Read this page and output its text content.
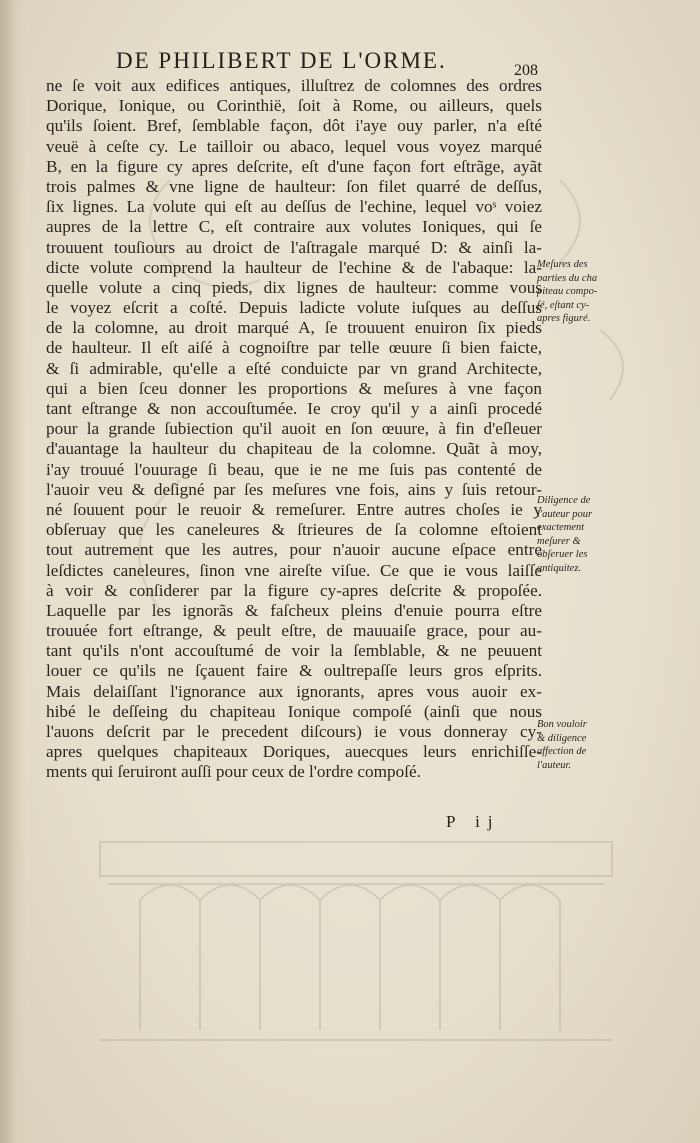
DE PHILIBERT DE L'ORME.	208
ne ſe voit aux edifices antiques, illuſtrez de colomnes des ordres
Dorique, Ionique, ou Corinthië, ſoit à Rome, ou ailleurs, quels
qu'ils ſoient. Bref, ſemblable façon, dôt i'aye ouy parler, n'a eſté
veuë à ceſte cy. Le tailloir ou abaco, lequel vous voyez marqué
B, en la figure cy apres deſcrite, eſt d'une façon fort eſtrãge, ayãt
trois palmes & vne ligne de haulteur: ſon filet quarré de deſſus,
ſix lignes. La volute qui eſt au deſſus de l'echine, lequel voˢ voiez
aupres de la lettre C, eſt contraire aux volutes Ioniques, qui ſe
trouuent touſiours au droict de l'aſtragale marqué D: & ainſi la-
dicte volute comprend la haulteur de l'echine & de l'abaque: la-
quelle volute a cinq pieds, dix lignes de haulteur: comme vous
le voyez eſcrit a coſté. Depuis ladicte volute iuſques au deſſus
de la colomne, au droit marqué A, ſe trouuent enuiron ſix pieds
de haulteur. Il eſt aiſé à cognoiſtre par telle œuure ſi bien faicte,
& ſi admirable, qu'elle a eſté conduicte par vn grand Architecte,
qui a bien ſceu donner les proportions & meſures à vne façon
tant eſtrange & non accouſtumée. Ie croy qu'il y a ainſi procedé
pour la grande ſubiection qu'il auoit en ſon œuure, à fin d'eſleuer
d'auantage la haulteur du chapiteau de la colomne. Quãt à moy,
i'ay trouué l'ouurage ſi beau, que ie ne me ſuis pas contenté de
l'auoir veu & deſigné par ſes meſures vne fois, ains y ſuis retour-
né ſouuent pour le reuoir & remeſurer. Entre autres choſes ie y
obſeruay que les caneleures & ſtrieures de ſa colomne eſtoient
tout autrement que les autres, pour n'auoir aucune eſpace entre
leſdictes caneleures, ſinon vne aireſte viſue. Ce que ie vous laiſſe
à voir & conſiderer par la figure cy-apres deſcrite & propoſée.
Laquelle par les ignorãs & faſcheux pleins d'enuie pourra eſtre
trouuée fort eſtrange, & peult eſtre, de mauuaiſe grace, pour au-
tant qu'ils n'ont accouſtumé de voir la ſemblable, & ne peuuent
louer ce qu'ils ne ſçauent faire & oultrepaſſe leurs gros eſprits.
Mais delaiſſant l'ignorance aux ignorants, apres vous auoir ex-
hibé le deſſeing du chapiteau Ionique compoſé (ainſi que nous
l'auons deſcrit par le precedent diſcours) ie vous donneray cy-
apres quelques chapiteaux Doriques, auecques leurs enrichiſſe-
ments qui ſeruiront auſſi pour ceux de l'ordre compoſé.
Meſures des
parties du cha
piteau compo-
ſé, eſtant cy-
apres figuré.
Diligence de
l'auteur pour
exactement
meſurer &
obſeruer les
antiquitez.
Bon vouloir
& diligence
affection de
l'auteur.
P ij
